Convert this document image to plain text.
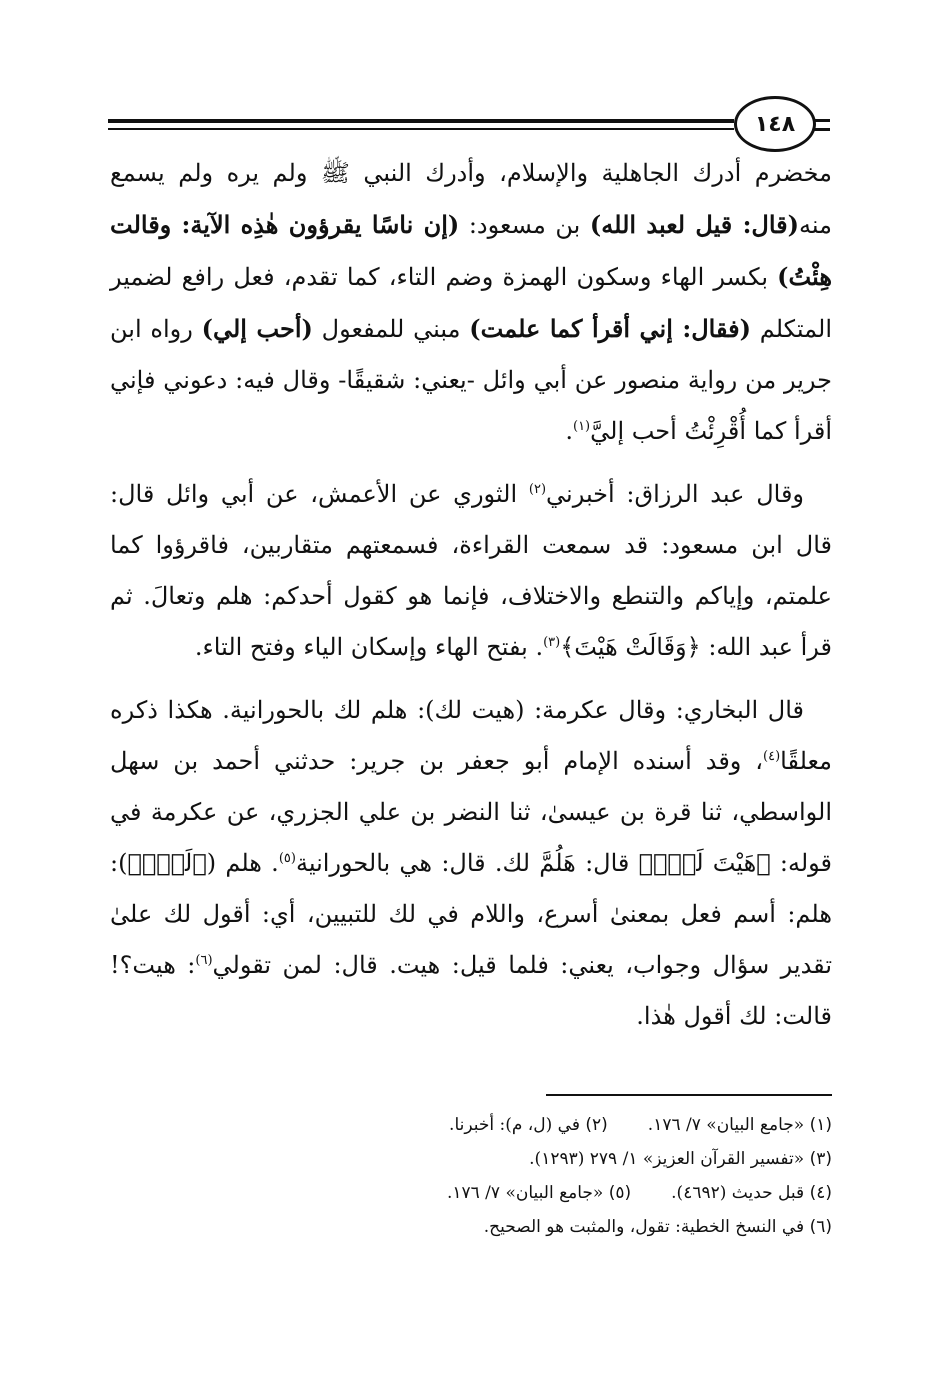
١٤٨

مخضرم أدرك الجاهلية والإسلام، وأدرك النبي ﷺ ولم يره ولم يسمع منه(قال: قيل لعبد الله) بن مسعود: (إن ناسًا يقرؤون هٰذِه الآية: وقالت هِئْتُ) بكسر الهاء وسكون الهمزة وضم التاء، كما تقدم، فعل رافع لضمير المتكلم (فقال: إني أقرأ كما علمت) مبني للمفعول (أحب إلي) رواه ابن جرير من رواية منصور عن أبي وائل -يعني: شقيقًا- وقال فيه: دعوني فإني أقرأ كما أُقْرِئْتُ أحب إليَّ$^{(١)}$.

وقال عبد الرزاق: أخبرني$^{(٢)}$ الثوري عن الأعمش، عن أبي وائل قال: قال ابن مسعود: قد سمعت القراءة، فسمعتهم متقاربين، فاقرؤوا كما علمتم، وإياكم والتنطع والاختلاف، فإنما هو كقول أحدكم: هلم وتعالَ. ثم قرأ عبد الله: ﴿وَقَالَتْ هَيْتَ﴾$^{(٣)}$. بفتح الهاء وإسكان الياء وفتح التاء.

قال البخاري: وقال عكرمة: (هيت لك): هلم لك بالحورانية. هكذا ذكره معلقًا$^{(٤)}$، وقد أسنده الإمام أبو جعفر بن جرير: حدثني أحمد بن سهل الواسطي، ثنا قرة بن عيسىٰ، ثنا النضر بن علي الجزري، عن عكرمة في قوله: ﴿هَيْتَ لَكَۚ﴾ قال: هَلُمَّ لك. قال: هي بالحورانية$^{(٥)}$. هلم (﴿لَكَۚ﴾): هلم: أسم فعل بمعنىٰ أسرع، واللام في لك للتبيين، أي: أقول لك علىٰ تقدير سؤال وجواب، يعني: فلما قيل: هيت. قال: لمن تقولي$^{(٦)}$: هيت؟! قالت: لك أقول هٰذا.

(١) «جامع البيان» ٧/ ١٧٦.
(٢) في (ل، م): أخبرنا.
(٣) «تفسير القرآن العزيز» ١/ ٢٧٩ (١٢٩٣).
(٤) قبل حديث (٤٦٩٢).
(٥) «جامع البيان» ٧/ ١٧٦.
(٦) في النسخ الخطية: تقول، والمثبت هو الصحيح.
